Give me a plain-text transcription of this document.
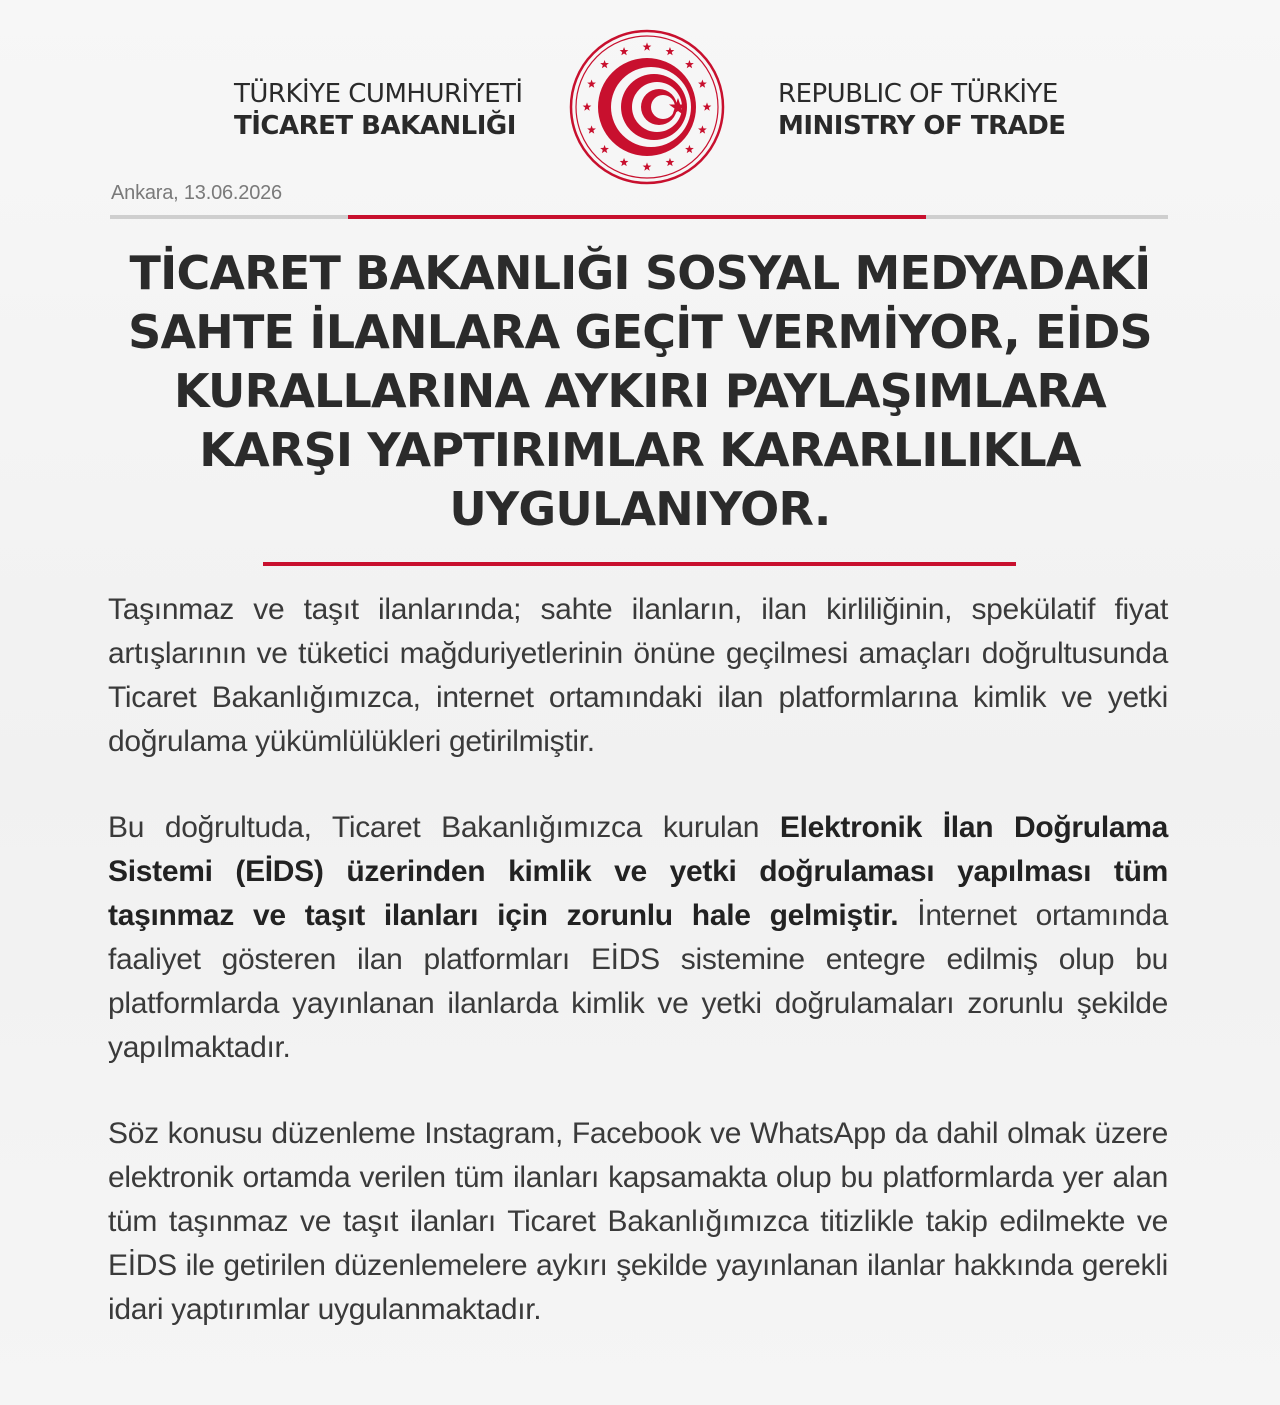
TÜRKİYE CUMHURİYETİ
TİCARET BAKANLIĞI
REPUBLIC OF TÜRKİYE
MINISTRY OF TRADE
Ankara, 13.06.2026
TİCARET BAKANLIĞI SOSYAL MEDYADAKİ SAHTE İLANLARA GEÇİT VERMİYOR, EİDS KURALLARINA AYKIRI PAYLAŞIMLARA KARŞI YAPTIRIMLAR KARARLILIKLA UYGULANIYOR.

Taşınmaz ve taşıt ilanlarında; sahte ilanların, ilan kirliliğinin, spekülatif fiyat artışlarının ve tüketici mağduriyetlerinin önüne geçilmesi amaçları doğrultusunda Ticaret Bakanlığımızca, internet ortamındaki ilan platformlarına kimlik ve yetki doğrulama yükümlülükleri getirilmiştir.

Bu doğrultuda, Ticaret Bakanlığımızca kurulan Elektronik İlan Doğrulama Sistemi (EİDS) üzerinden kimlik ve yetki doğrulaması yapılması tüm taşınmaz ve taşıt ilanları için zorunlu hale gelmiştir. İnternet ortamında faaliyet gösteren ilan platformları EİDS sistemine entegre edilmiş olup bu platformlarda yayınlanan ilanlarda kimlik ve yetki doğrulamaları zorunlu şekilde yapılmaktadır.

Söz konusu düzenleme Instagram, Facebook ve WhatsApp da dahil olmak üzere elektronik ortamda verilen tüm ilanları kapsamakta olup bu platformlarda yer alan tüm taşınmaz ve taşıt ilanları Ticaret Bakanlığımızca titizlikle takip edilmekte ve EİDS ile getirilen düzenlemelere aykırı şekilde yayınlanan ilanlar hakkında gerekli idari yaptırımlar uygulanmaktadır.
